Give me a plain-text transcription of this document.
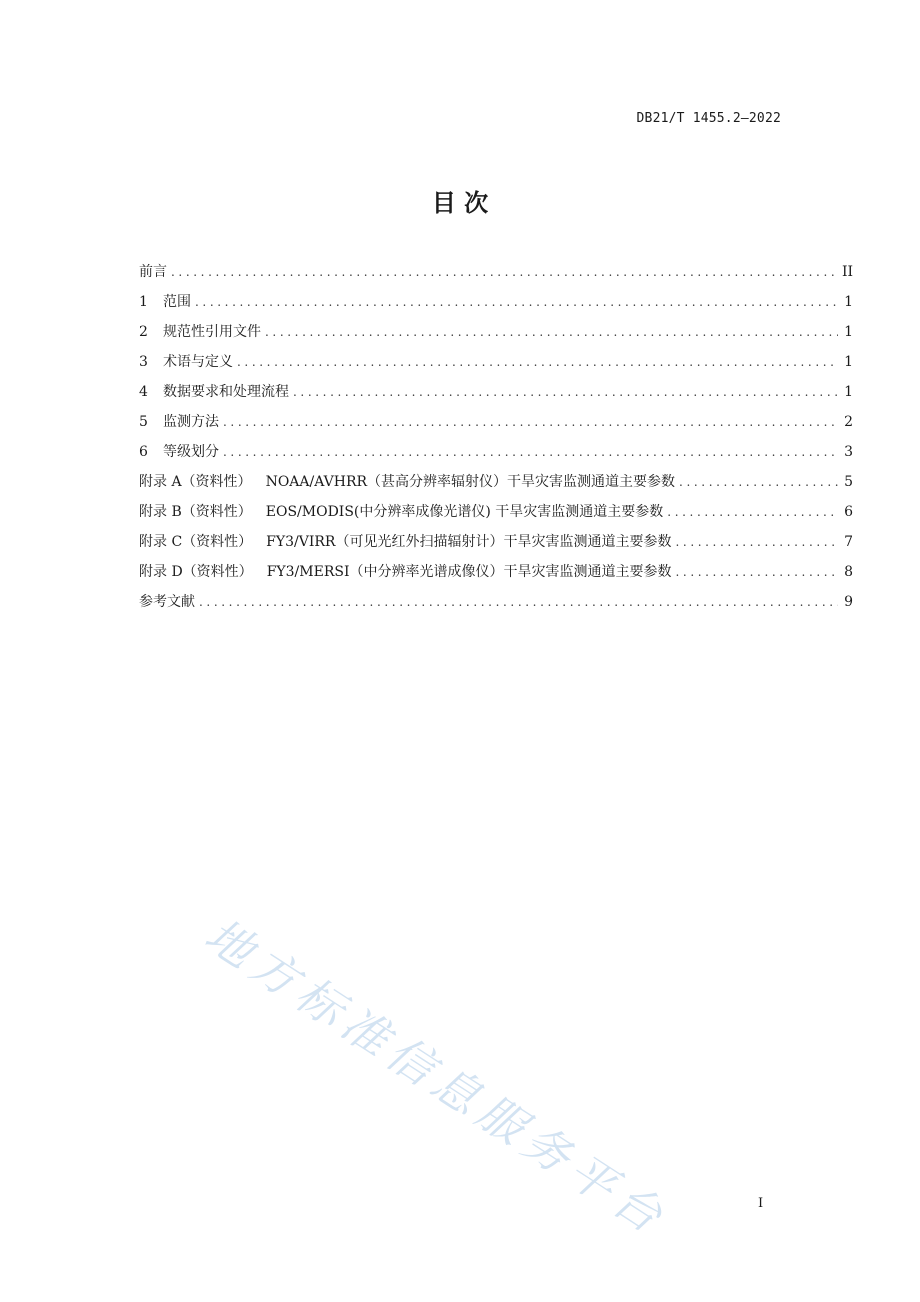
DB21/T 1455.2—2022
目 次
前言 .....	II
1 范围 .....	1
2 规范性引用文件 .....	1
3 术语与定义 .....	1
4 数据要求和处理流程 .....	1
5 监测方法 .....	2
6 等级划分 .....	3
附录 A（资料性） NOAA/AVHRR（甚高分辨率辐射仪）干旱灾害监测通道主要参数 .....	5
附录 B（资料性） EOS/MODIS(中分辨率成像光谱仪) 干旱灾害监测通道主要参数 .....	6
附录 C（资料性） FY3/VIRR（可见光红外扫描辐射计）干旱灾害监测通道主要参数 .....	7
附录 D（资料性） FY3/MERSI（中分辨率光谱成像仪）干旱灾害监测通道主要参数 .....	8
参考文献 .....	9
地方标准信息服务平台	I
